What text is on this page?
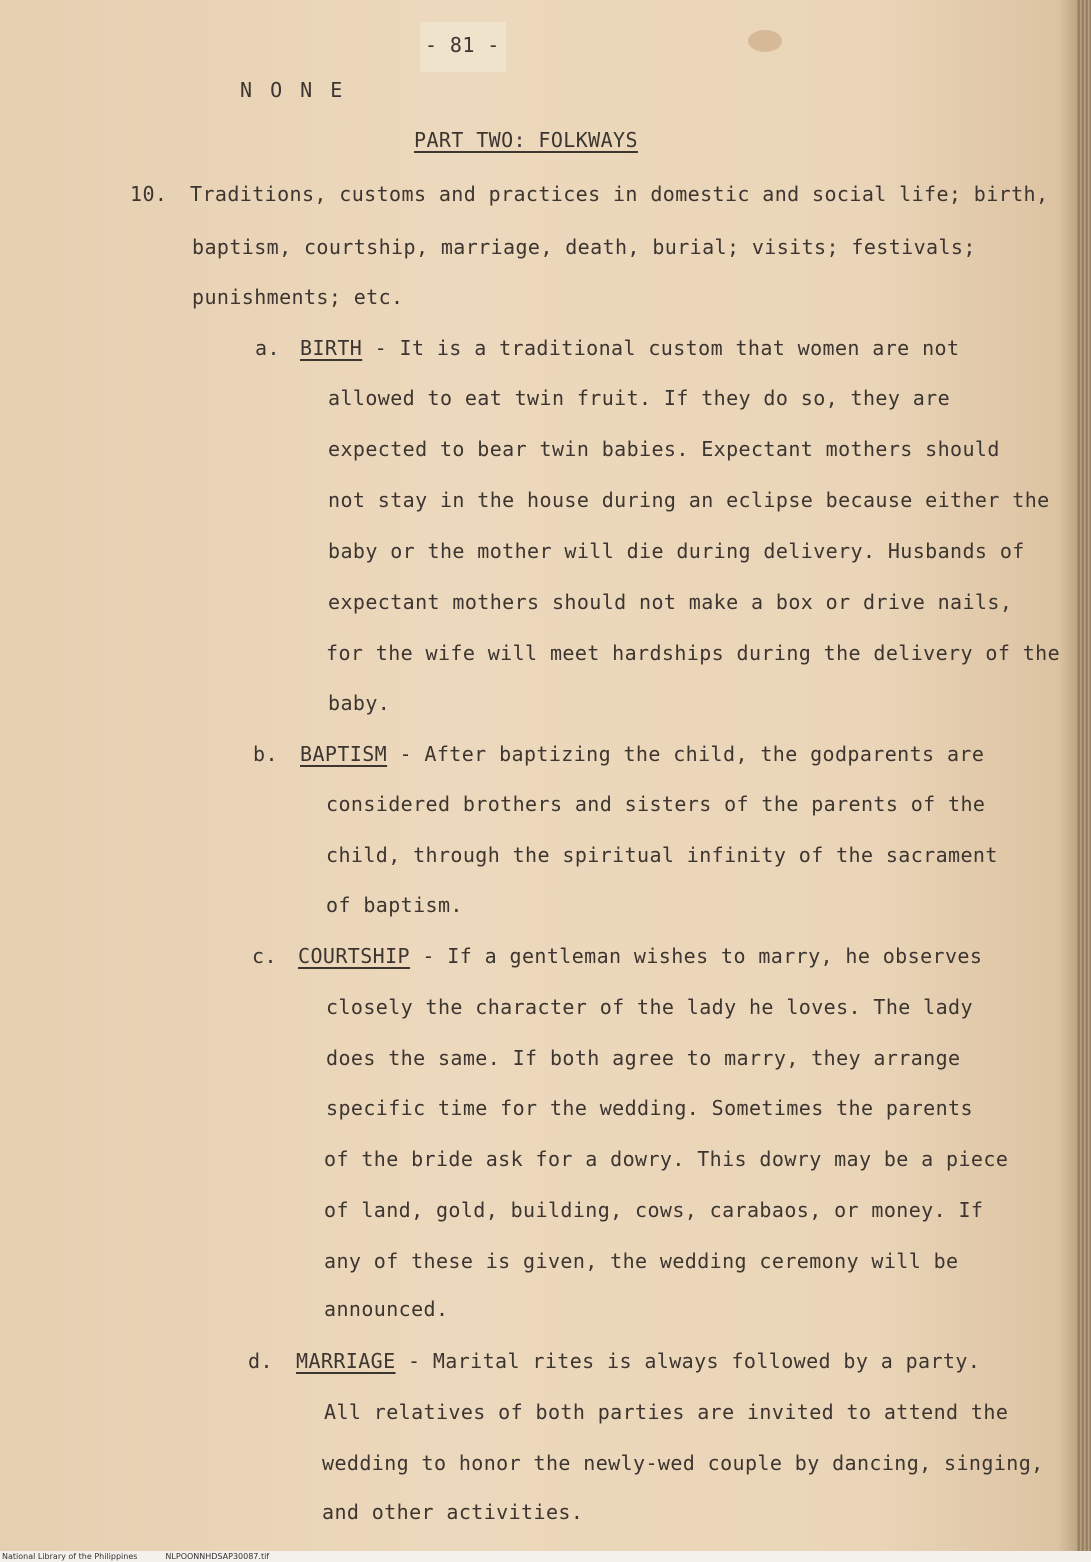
- 81 -
N O N E
PART TWO: FOLKWAYS
10. Traditions, customs and practices in domestic and social life; birth,
baptism, courtship, marriage, death, burial; visits; festivals;
punishments; etc.
a. BIRTH - It is a traditional custom that women are not
allowed to eat twin fruit. If they do so, they are
expected to bear twin babies. Expectant mothers should
not stay in the house during an eclipse because either the
baby or the mother will die during delivery. Husbands of
expectant mothers should not make a box or drive nails,
for the wife will meet hardships during the delivery of the
baby.
b. BAPTISM - After baptizing the child, the godparents are
considered brothers and sisters of the parents of the
child, through the spiritual infinity of the sacrament
of baptism.
c. COURTSHIP - If a gentleman wishes to marry, he observes
closely the character of the lady he loves. The lady
does the same. If both agree to marry, they arrange
specific time for the wedding. Sometimes the parents
of the bride ask for a dowry. This dowry may be a piece
of land, gold, building, cows, carabaos, or money. If
any of these is given, the wedding ceremony will be
announced.
d. MARRIAGE - Marital rites is always followed by a party.
All relatives of both parties are invited to attend the
wedding to honor the newly-wed couple by dancing, singing,
and other activities.
National Library of the Philippines	NLPOONNHDSAP30087.tif
